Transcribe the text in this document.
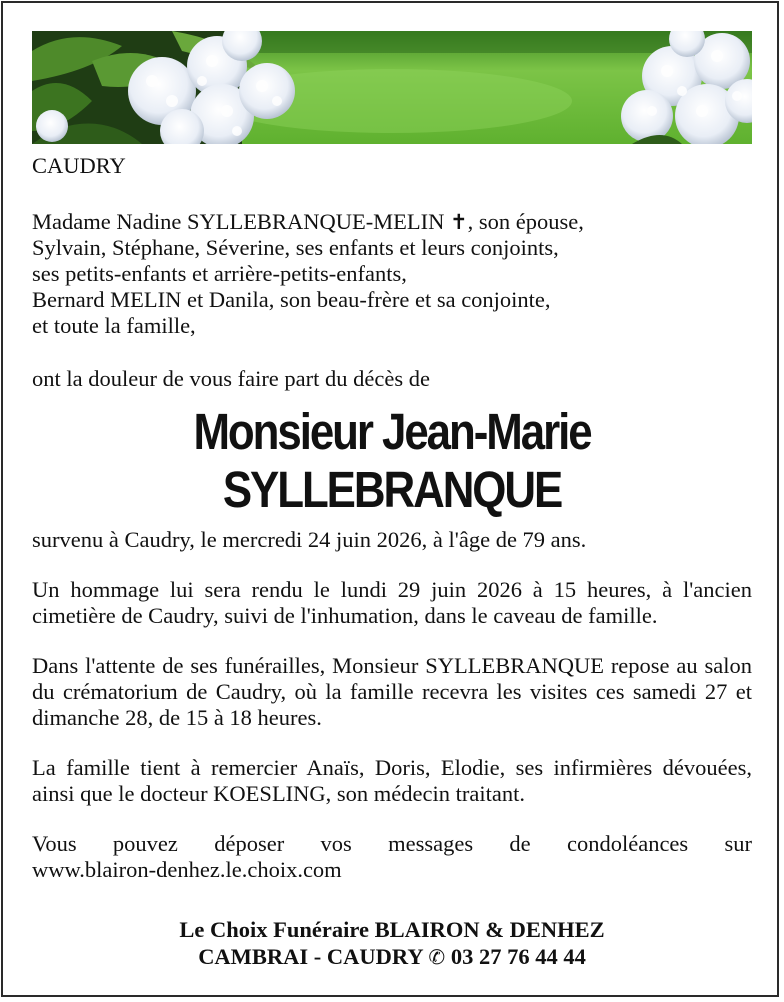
CAUDRY

Madame Nadine SYLLEBRANQUE-MELIN ✝, son épouse,
Sylvain, Stéphane, Séverine, ses enfants et leurs conjoints,
ses petits-enfants et arrière-petits-enfants,
Bernard MELIN et Danila, son beau-frère et sa conjointe,
et toute la famille,

ont la douleur de vous faire part du décès de

Monsieur Jean-Marie
SYLLEBRANQUE

survenu à Caudry, le mercredi 24 juin 2026, à l'âge de 79 ans.

Un hommage lui sera rendu le lundi 29 juin 2026 à 15 heures, à l'ancien cimetière de Caudry, suivi de l'inhumation, dans le caveau de famille.

Dans l'attente de ses funérailles, Monsieur SYLLEBRANQUE repose au salon du crématorium de Caudry, où la famille recevra les visites ces samedi 27 et dimanche 28, de 15 à 18 heures.

La famille tient à remercier Anaïs, Doris, Elodie, ses infirmières dévouées, ainsi que le docteur KOESLING, son médecin traitant.

Vous pouvez déposer vos messages de condoléances sur

www.blairon-denhez.le.choix.com

Le Choix Funéraire BLAIRON & DENHEZ
CAMBRAI - CAUDRY ✆ 03 27 76 44 44
